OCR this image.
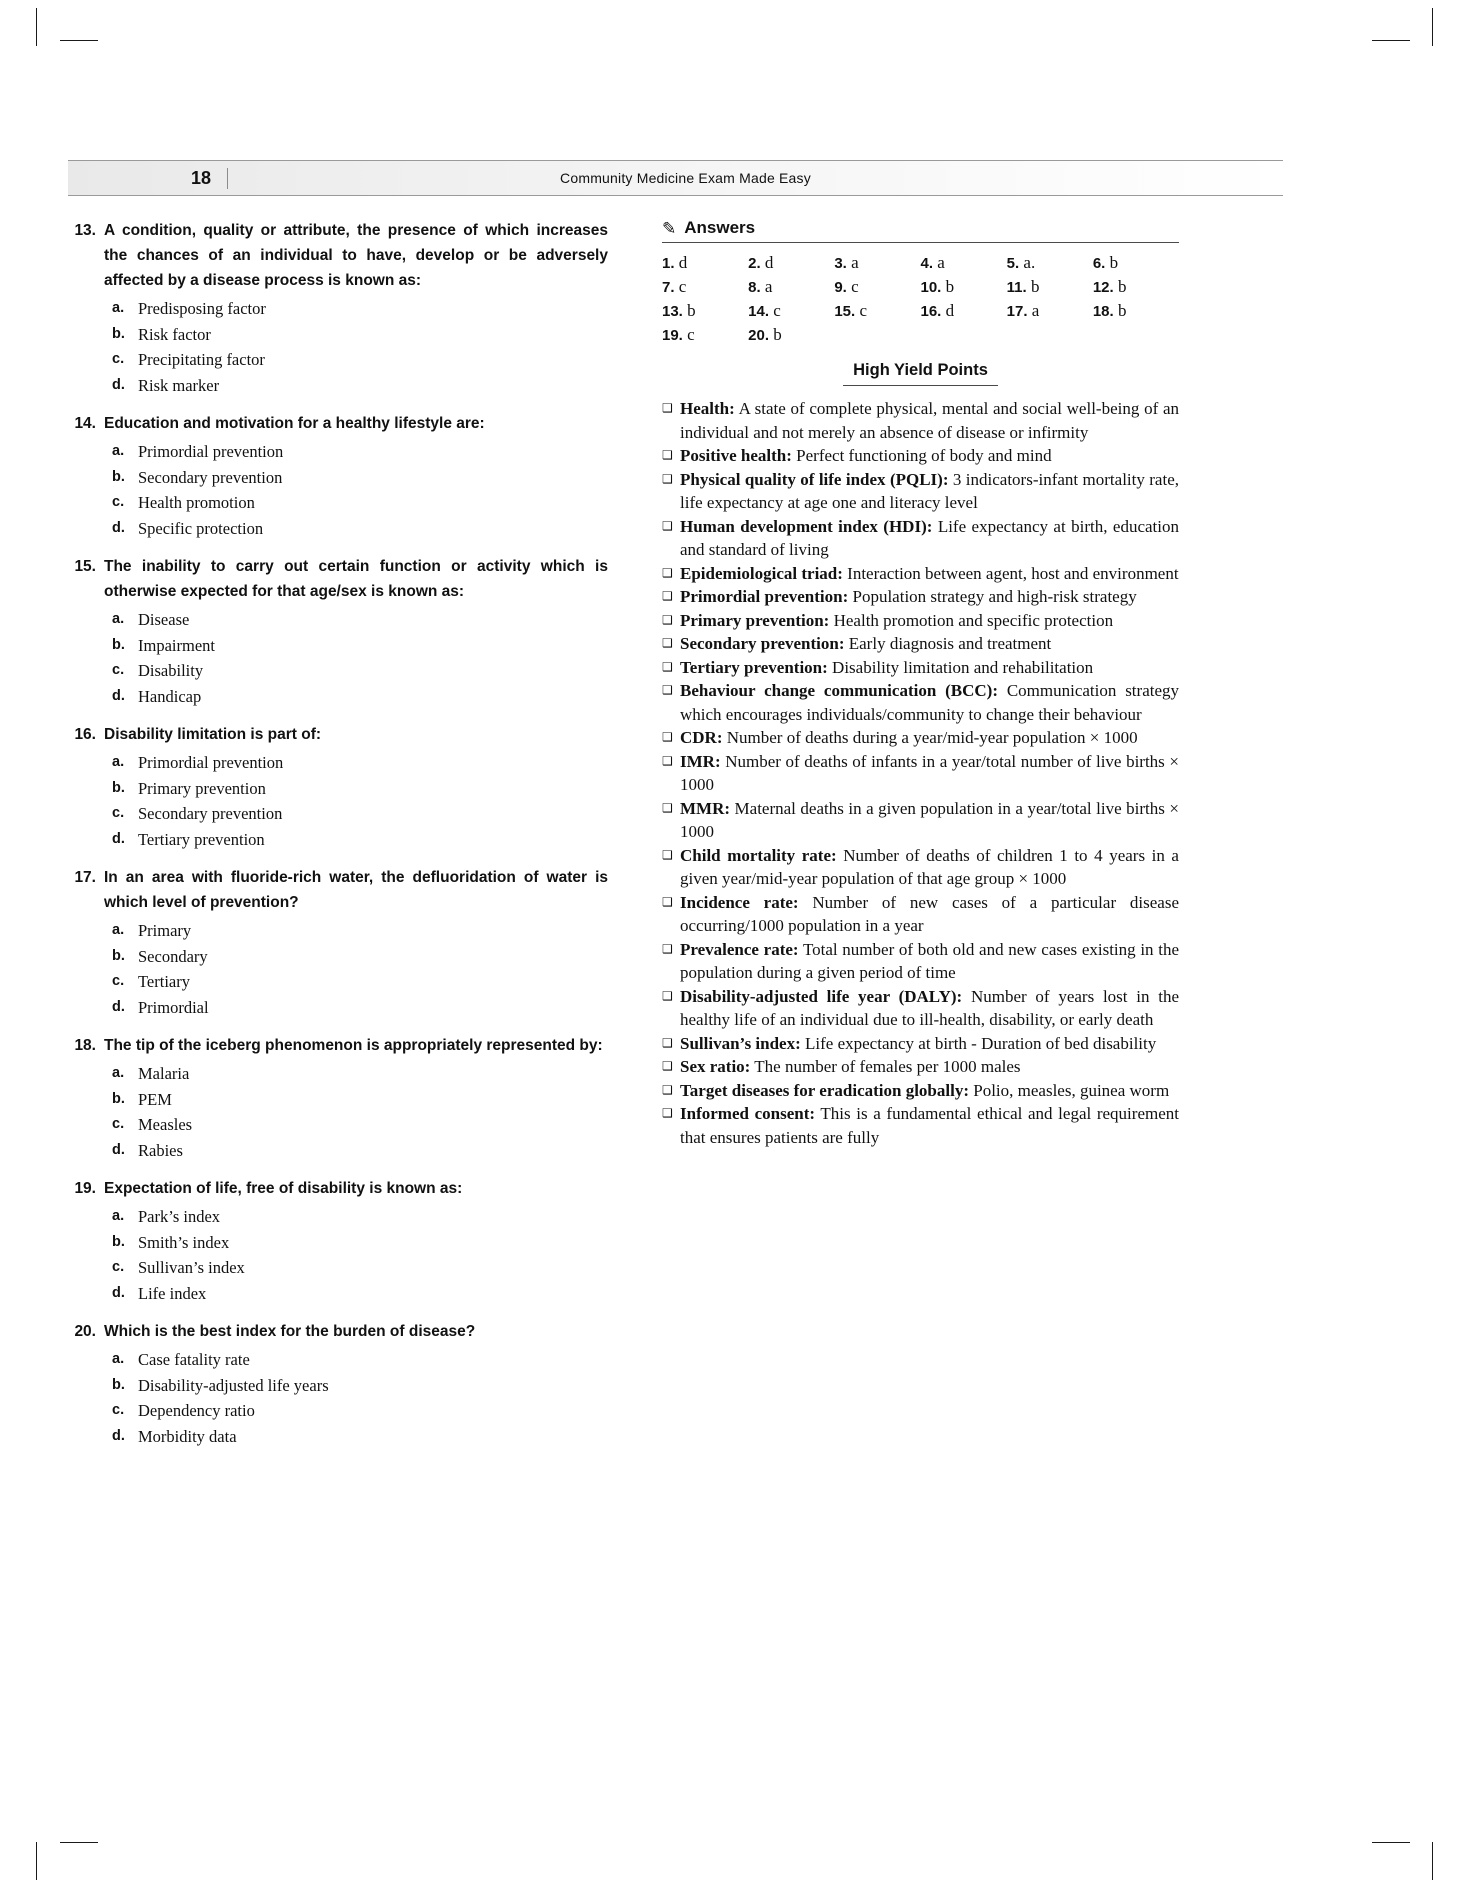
18	Community Medicine Exam Made Easy
13. A condition, quality or attribute, the presence of which increases the chances of an individual to have, develop or be adversely affected by a disease process is known as:
a. Predisposing factor
b. Risk factor
c. Precipitating factor
d. Risk marker
14. Education and motivation for a healthy lifestyle are:
a. Primordial prevention
b. Secondary prevention
c. Health promotion
d. Specific protection
15. The inability to carry out certain function or activity which is otherwise expected for that age/sex is known as:
a. Disease
b. Impairment
c. Disability
d. Handicap
16. Disability limitation is part of:
a. Primordial prevention
b. Primary prevention
c. Secondary prevention
d. Tertiary prevention
17. In an area with fluoride-rich water, the defluoridation of water is which level of prevention?
a. Primary
b. Secondary
c. Tertiary
d. Primordial
18. The tip of the iceberg phenomenon is appropriately represented by:
a. Malaria
b. PEM
c. Measles
d. Rabies
19. Expectation of life, free of disability is known as:
a. Park’s index
b. Smith’s index
c. Sullivan’s index
d. Life index
20. Which is the best index for the burden of disease?
a. Case fatality rate
b. Disability-adjusted life years
c. Dependency ratio
d. Morbidity data
✎ Answers
1. d	2. d	3. a	4. a	5. a.	6. b
7. c	8. a	9. c	10. b	11. b	12. b
13. b	14. c	15. c	16. d	17. a	18. b
19. c	20. b
High Yield Points
❑ Health: A state of complete physical, mental and social well-being of an individual and not merely an absence of disease or infirmity
❑ Positive health: Perfect functioning of body and mind
❑ Physical quality of life index (PQLI): 3 indicators-infant mortality rate, life expectancy at age one and literacy level
❑ Human development index (HDI): Life expectancy at birth, education and standard of living
❑ Epidemiological triad: Interaction between agent, host and environment
❑ Primordial prevention: Population strategy and high-risk strategy
❑ Primary prevention: Health promotion and specific protection
❑ Secondary prevention: Early diagnosis and treatment
❑ Tertiary prevention: Disability limitation and rehabilitation
❑ Behaviour change communication (BCC): Communication strategy which encourages individuals/community to change their behaviour
❑ CDR: Number of deaths during a year/mid-year population × 1000
❑ IMR: Number of deaths of infants in a year/total number of live births × 1000
❑ MMR: Maternal deaths in a given population in a year/total live births × 1000
❑ Child mortality rate: Number of deaths of children 1 to 4 years in a given year/mid-year population of that age group × 1000
❑ Incidence rate: Number of new cases of a particular disease occurring/1000 population in a year
❑ Prevalence rate: Total number of both old and new cases existing in the population during a given period of time
❑ Disability-adjusted life year (DALY): Number of years lost in the healthy life of an individual due to ill-health, disability, or early death
❑ Sullivan’s index: Life expectancy at birth - Duration of bed disability
❑ Sex ratio: The number of females per 1000 males
❑ Target diseases for eradication globally: Polio, measles, guinea worm
❑ Informed consent: This is a fundamental ethical and legal requirement that ensures patients are fully
